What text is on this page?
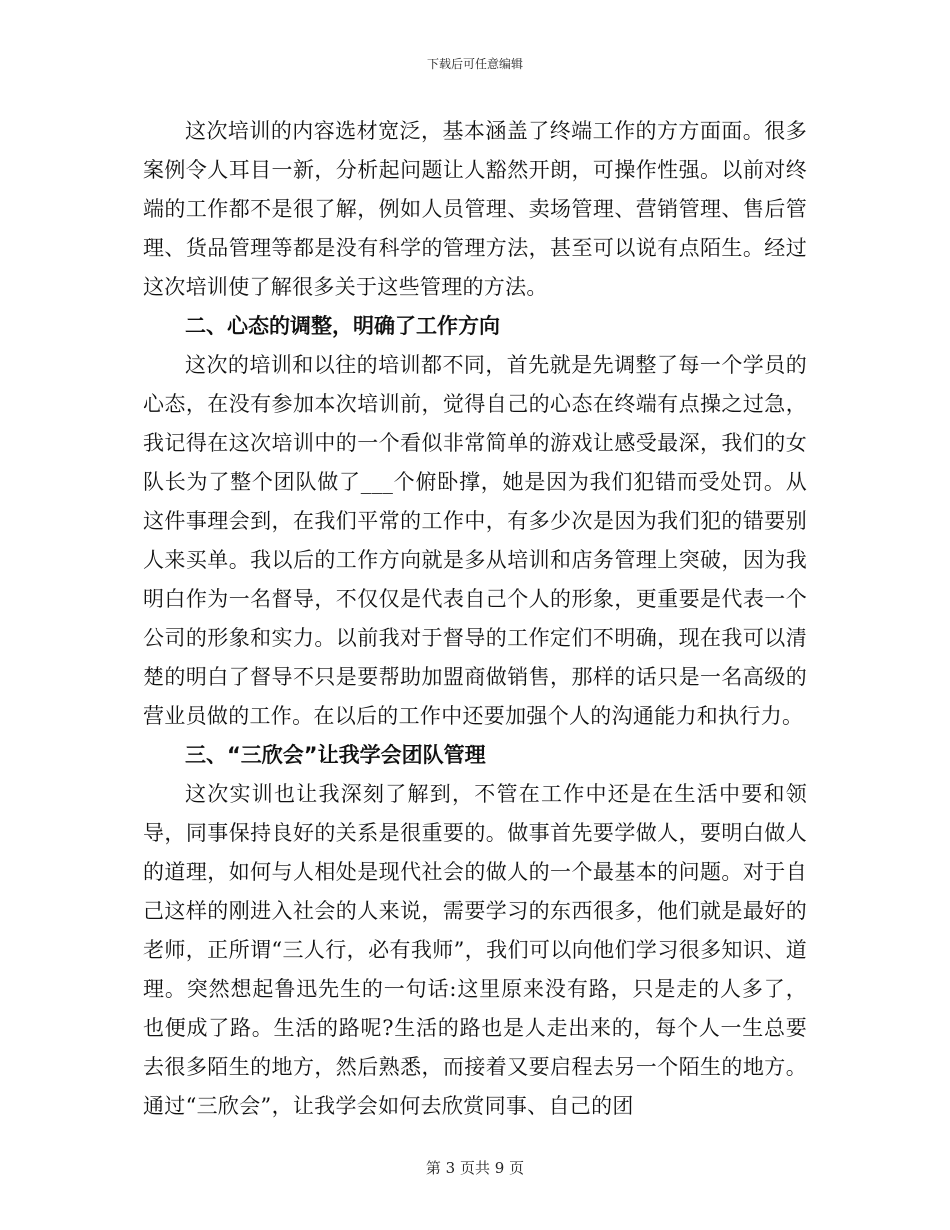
下载后可任意编辑

这次培训的内容选材宽泛，基本涵盖了终端工作的方方面面。很多案例令人耳目一新，分析起问题让人豁然开朗，可操作性强。以前对终端的工作都不是很了解，例如人员管理、卖场管理、营销管理、售后管理、货品管理等都是没有科学的管理方法，甚至可以说有点陌生。经过这次培训使了解很多关于这些管理的方法。

二、心态的调整，明确了工作方向

这次的培训和以往的培训都不同，首先就是先调整了每一个学员的心态，在没有参加本次培训前，觉得自己的心态在终端有点操之过急，我记得在这次培训中的一个看似非常简单的游戏让感受最深，我们的女队长为了整个团队做了___个俯卧撑，她是因为我们犯错而受处罚。从这件事理会到，在我们平常的工作中，有多少次是因为我们犯的错要别人来买单。我以后的工作方向就是多从培训和店务管理上突破，因为我明白作为一名督导，不仅仅是代表自己个人的形象，更重要是代表一个公司的形象和实力。以前我对于督导的工作定们不明确，现在我可以清楚的明白了督导不只是要帮助加盟商做销售，那样的话只是一名高级的营业员做的工作。在以后的工作中还要加强个人的沟通能力和执行力。

三、“三欣会”让我学会团队管理

这次实训也让我深刻了解到，不管在工作中还是在生活中要和领导，同事保持良好的关系是很重要的。做事首先要学做人，要明白做人的道理，如何与人相处是现代社会的做人的一个最基本的问题。对于自己这样的刚进入社会的人来说，需要学习的东西很多，他们就是最好的老师，正所谓“三人行，必有我师”，我们可以向他们学习很多知识、道理。突然想起鲁迅先生的一句话:这里原来没有路，只是走的人多了，也便成了路。生活的路呢?生活的路也是人走出来的，每个人一生总要去很多陌生的地方，然后熟悉，而接着又要启程去另一个陌生的地方。通过“三欣会”，让我学会如何去欣赏同事、自己的团

第 3 页共 9 页
